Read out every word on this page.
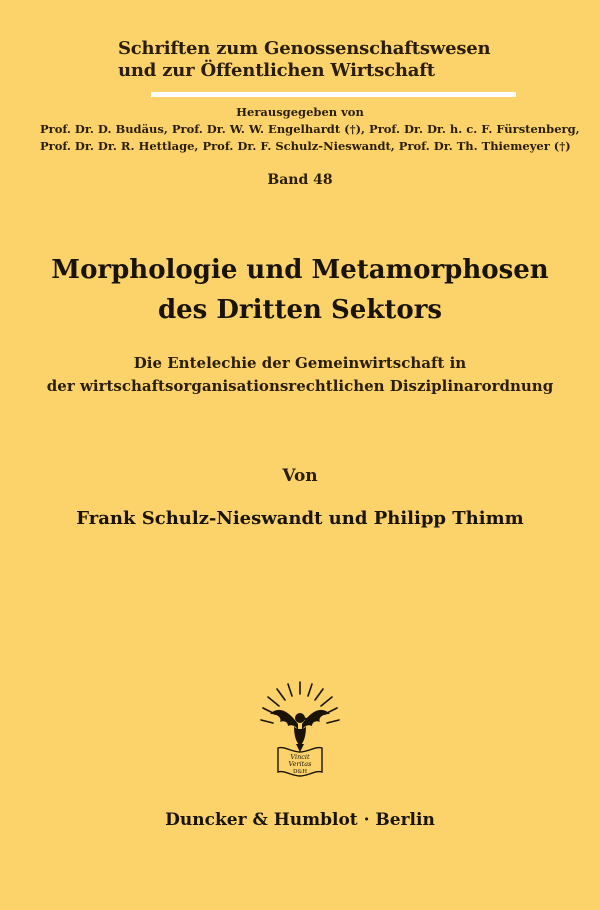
Schriften zum Genossenschaftswesen
und zur Öffentlichen Wirtschaft
Herausgegeben von
Prof. Dr. D. Budäus, Prof. Dr. W. W. Engelhardt (†), Prof. Dr. Dr. h. c. F. Fürstenberg,
Prof. Dr. Dr. R. Hettlage, Prof. Dr. F. Schulz-Nieswandt, Prof. Dr. Th. Thiemeyer (†)
Band 48
Morphologie und Metamorphosen
des Dritten Sektors
Die Entelechie der Gemeinwirtschaft in
der wirtschaftsorganisationsrechtlichen Disziplinarordnung
Von
Frank Schulz-Nieswandt und Philipp Thimm
Vincit
Veritas
D&H
Duncker & Humblot · Berlin
